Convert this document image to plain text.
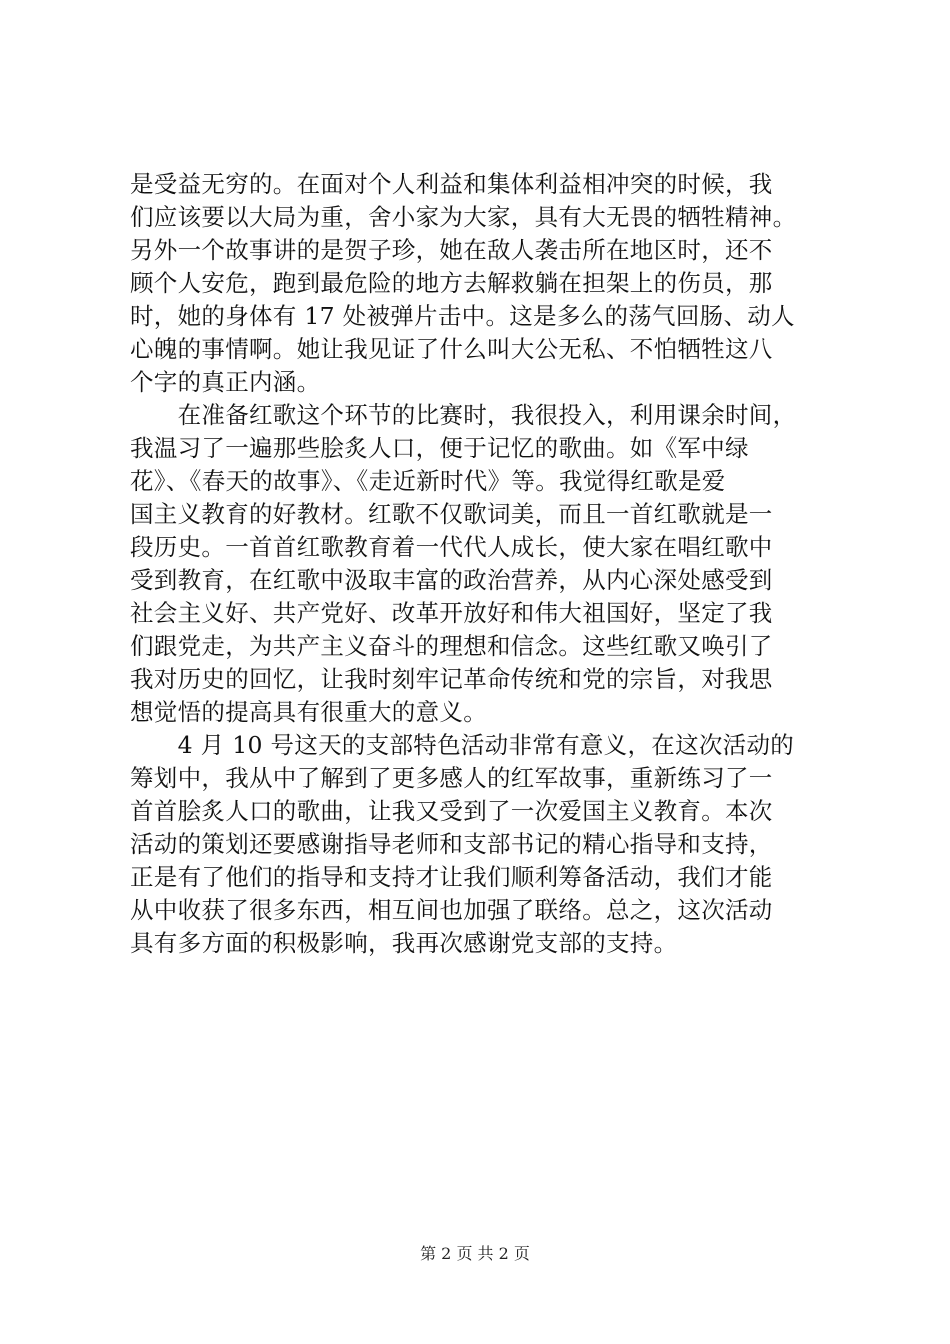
是受益无穷的。在面对个人利益和集体利益相冲突的时候，我
们应该要以大局为重，舍小家为大家，具有大无畏的牺牲精神。
另外一个故事讲的是贺子珍，她在敌人袭击所在地区时，还不
顾个人安危，跑到最危险的地方去解救躺在担架上的伤员，那
时，她的身体有 17 处被弹片击中。这是多么的荡气回肠、动人
心魄的事情啊。她让我见证了什么叫大公无私、不怕牺牲这八
个字的真正内涵。
　　在准备红歌这个环节的比赛时，我很投入，利用课余时间，
我温习了一遍那些脍炙人口，便于记忆的歌曲。如《军中绿
花》、《春天的故事》、《走近新时代》等。我觉得红歌是爱
国主义教育的好教材。红歌不仅歌词美，而且一首红歌就是一
段历史。一首首红歌教育着一代代人成长，使大家在唱红歌中
受到教育，在红歌中汲取丰富的政治营养，从内心深处感受到
社会主义好、共产党好、改革开放好和伟大祖国好，坚定了我
们跟党走，为共产主义奋斗的理想和信念。这些红歌又唤引了
我对历史的回忆，让我时刻牢记革命传统和党的宗旨，对我思
想觉悟的提高具有很重大的意义。
　　4 月 10 号这天的支部特色活动非常有意义，在这次活动的
筹划中，我从中了解到了更多感人的红军故事，重新练习了一
首首脍炙人口的歌曲，让我又受到了一次爱国主义教育。本次
活动的策划还要感谢指导老师和支部书记的精心指导和支持，
正是有了他们的指导和支持才让我们顺利筹备活动，我们才能
从中收获了很多东西，相互间也加强了联络。总之，这次活动
具有多方面的积极影响，我再次感谢党支部的支持。
第 2 页 共 2 页
